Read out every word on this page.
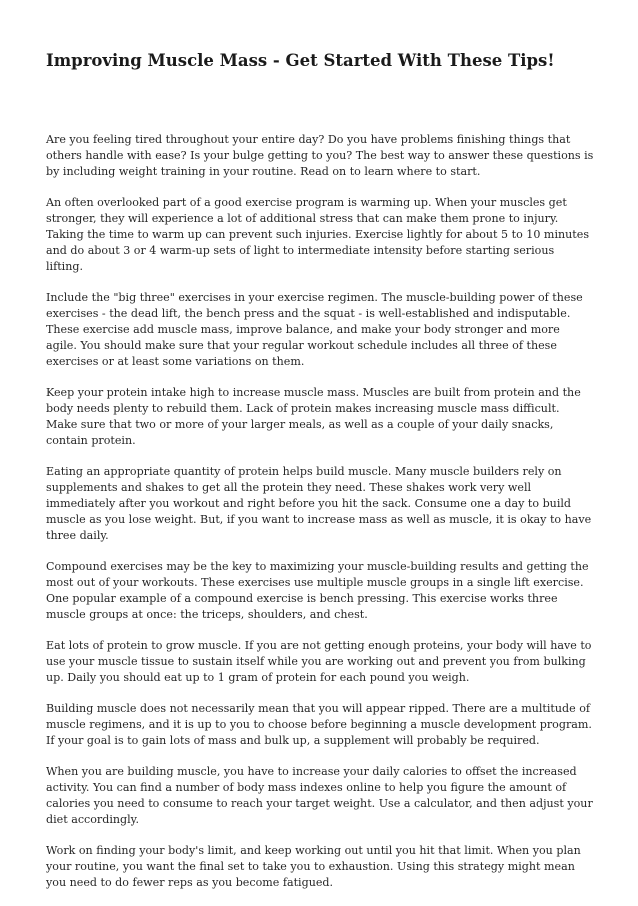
Improving Muscle Mass - Get Started With These Tips!

Are you feeling tired throughout your entire day? Do you have problems finishing things that others handle with ease? Is your bulge getting to you? The best way to answer these questions is by including weight training in your routine. Read on to learn where to start.

An often overlooked part of a good exercise program is warming up. When your muscles get stronger, they will experience a lot of additional stress that can make them prone to injury. Taking the time to warm up can prevent such injuries. Exercise lightly for about 5 to 10 minutes and do about 3 or 4 warm-up sets of light to intermediate intensity before starting serious lifting.

Include the "big three" exercises in your exercise regimen. The muscle-building power of these exercises - the dead lift, the bench press and the squat - is well-established and indisputable. These exercise add muscle mass, improve balance, and make your body stronger and more agile. You should make sure that your regular workout schedule includes all three of these exercises or at least some variations on them.

Keep your protein intake high to increase muscle mass. Muscles are built from protein and the body needs plenty to rebuild them. Lack of protein makes increasing muscle mass difficult. Make sure that two or more of your larger meals, as well as a couple of your daily snacks, contain protein.

Eating an appropriate quantity of protein helps build muscle. Many muscle builders rely on supplements and shakes to get all the protein they need. These shakes work very well immediately after you workout and right before you hit the sack. Consume one a day to build muscle as you lose weight. But, if you want to increase mass as well as muscle, it is okay to have three daily.

Compound exercises may be the key to maximizing your muscle-building results and getting the most out of your workouts. These exercises use multiple muscle groups in a single lift exercise. One popular example of a compound exercise is bench pressing. This exercise works three muscle groups at once: the triceps, shoulders, and chest.

Eat lots of protein to grow muscle. If you are not getting enough proteins, your body will have to use your muscle tissue to sustain itself while you are working out and prevent you from bulking up. Daily you should eat up to 1 gram of protein for each pound you weigh.

Building muscle does not necessarily mean that you will appear ripped. There are a multitude of muscle regimens, and it is up to you to choose before beginning a muscle development program. If your goal is to gain lots of mass and bulk up, a supplement will probably be required.

When you are building muscle, you have to increase your daily calories to offset the increased activity. You can find a number of body mass indexes online to help you figure the amount of calories you need to consume to reach your target weight. Use a calculator, and then adjust your diet accordingly.

Work on finding your body's limit, and keep working out until you hit that limit. When you plan your routine, you want the final set to take you to exhaustion. Using this strategy might mean you need to do fewer reps as you become fatigued.
